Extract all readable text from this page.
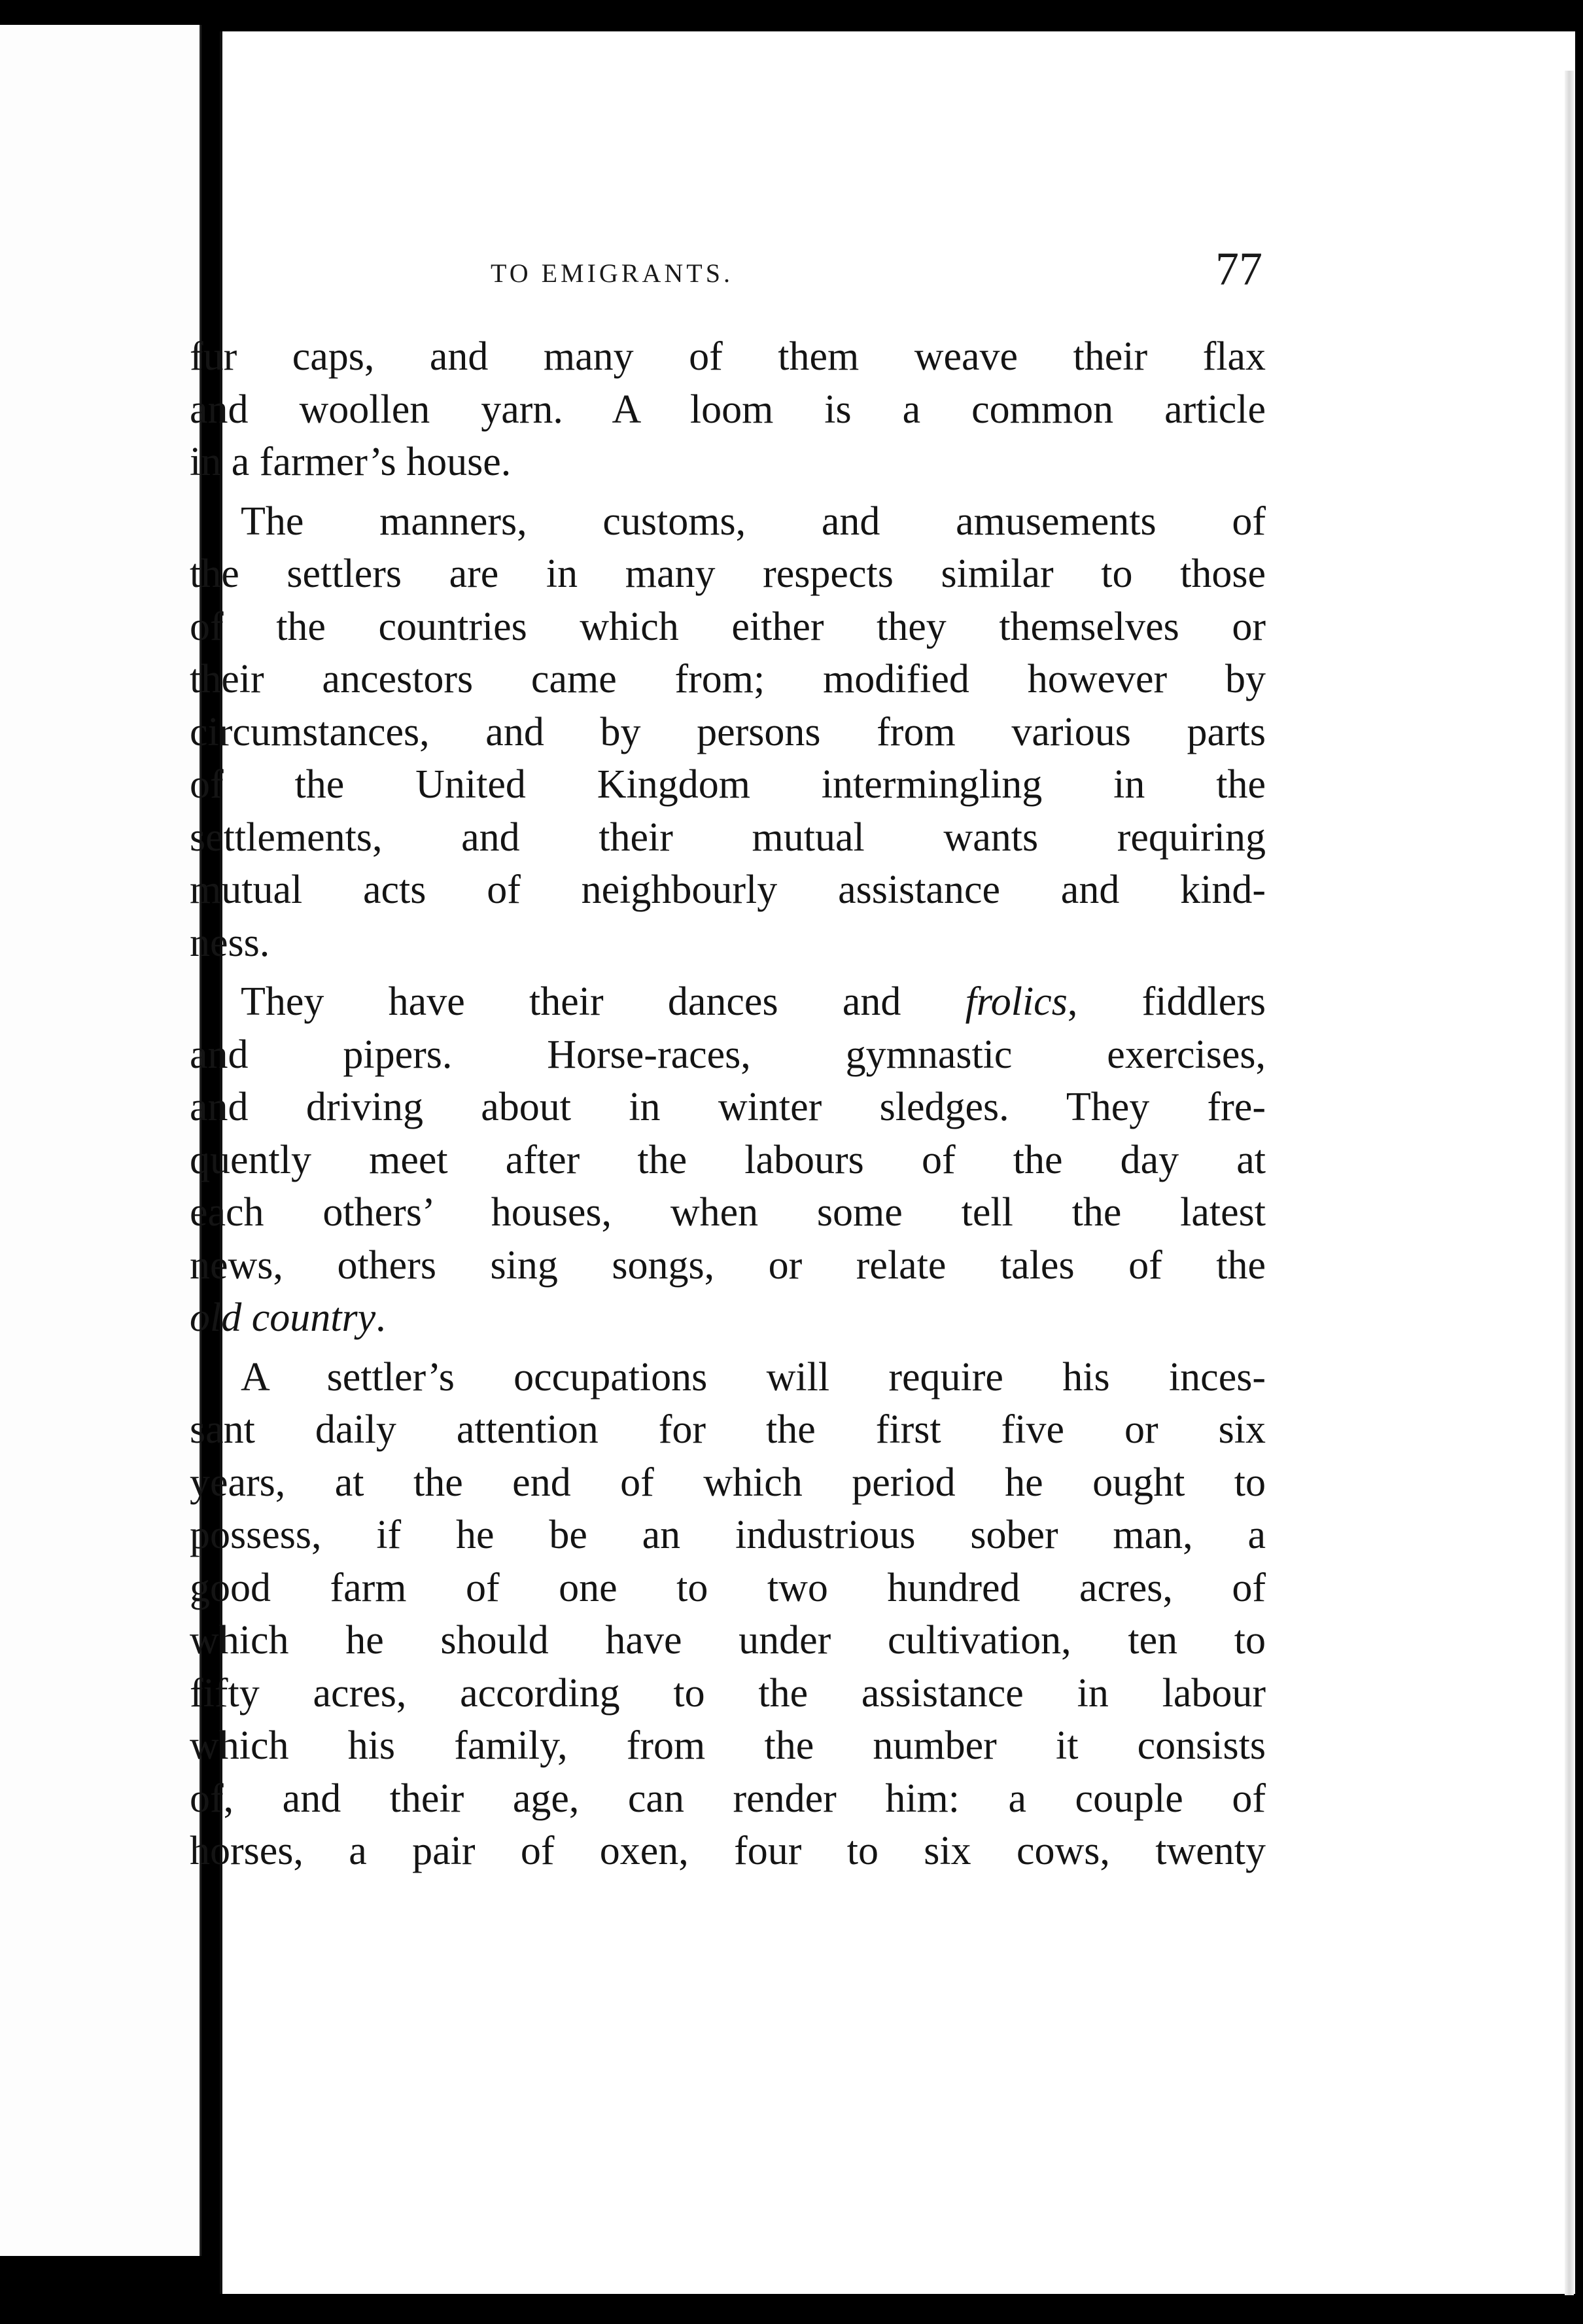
TO EMIGRANTS.	77
fur caps, and many of them weave their flax
and woollen yarn. A loom is a common article
in a farmer’s house.
The manners, customs, and amusements of
the settlers are in many respects similar to those
of the countries which either they themselves or
their ancestors came from; modified however by
circumstances, and by persons from various parts
of the United Kingdom intermingling in the
settlements, and their mutual wants requiring
mutual acts of neighbourly assistance and kind-
ness.
They have their dances and frolics, fiddlers
and pipers. Horse-races, gymnastic exercises,
and driving about in winter sledges. They fre-
quently meet after the labours of the day at
each others’ houses, when some tell the latest
news, others sing songs, or relate tales of the
old country.
A settler’s occupations will require his inces-
sant daily attention for the first five or six
years, at the end of which period he ought to
possess, if he be an industrious sober man, a
good farm of one to two hundred acres, of
which he should have under cultivation, ten to
fifty acres, according to the assistance in labour
which his family, from the number it consists
of, and their age, can render him: a couple of
horses, a pair of oxen, four to six cows, twenty
